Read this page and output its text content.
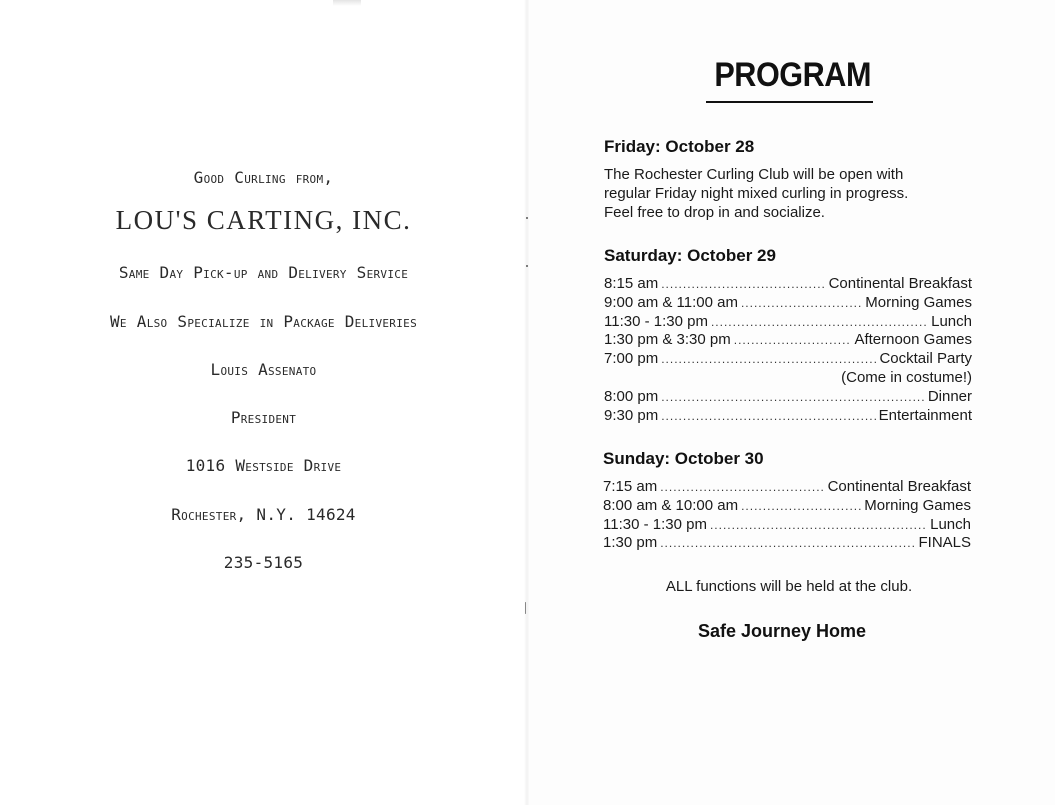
Good Curling from,
LOU'S CARTING, INC.
Same Day Pick-up and Delivery Service
We Also Specialize in Package Deliveries
Louis Assenato
President
1016 Westside Drive
Rochester, N.Y. 14624
235-5165
PROGRAM
Friday: October 28
The Rochester Curling Club will be open with
regular Friday night mixed curling in progress.
Feel free to drop in and socialize.
Saturday: October 29
8:15 am .....	Continental Breakfast
9:00 am & 11:00 am .....	Morning Games
11:30 - 1:30 pm .....	Lunch
1:30 pm & 3:30 pm .....	Afternoon Games
7:00 pm .....	Cocktail Party
(Come in costume!)
8:00 pm .....	Dinner
9:30 pm .....	Entertainment
Sunday: October 30
7:15 am .....	Continental Breakfast
8:00 am & 10:00 am .....	Morning Games
11:30 - 1:30 pm .....	Lunch
1:30 pm .....	FINALS
ALL functions will be held at the club.
Safe Journey Home
